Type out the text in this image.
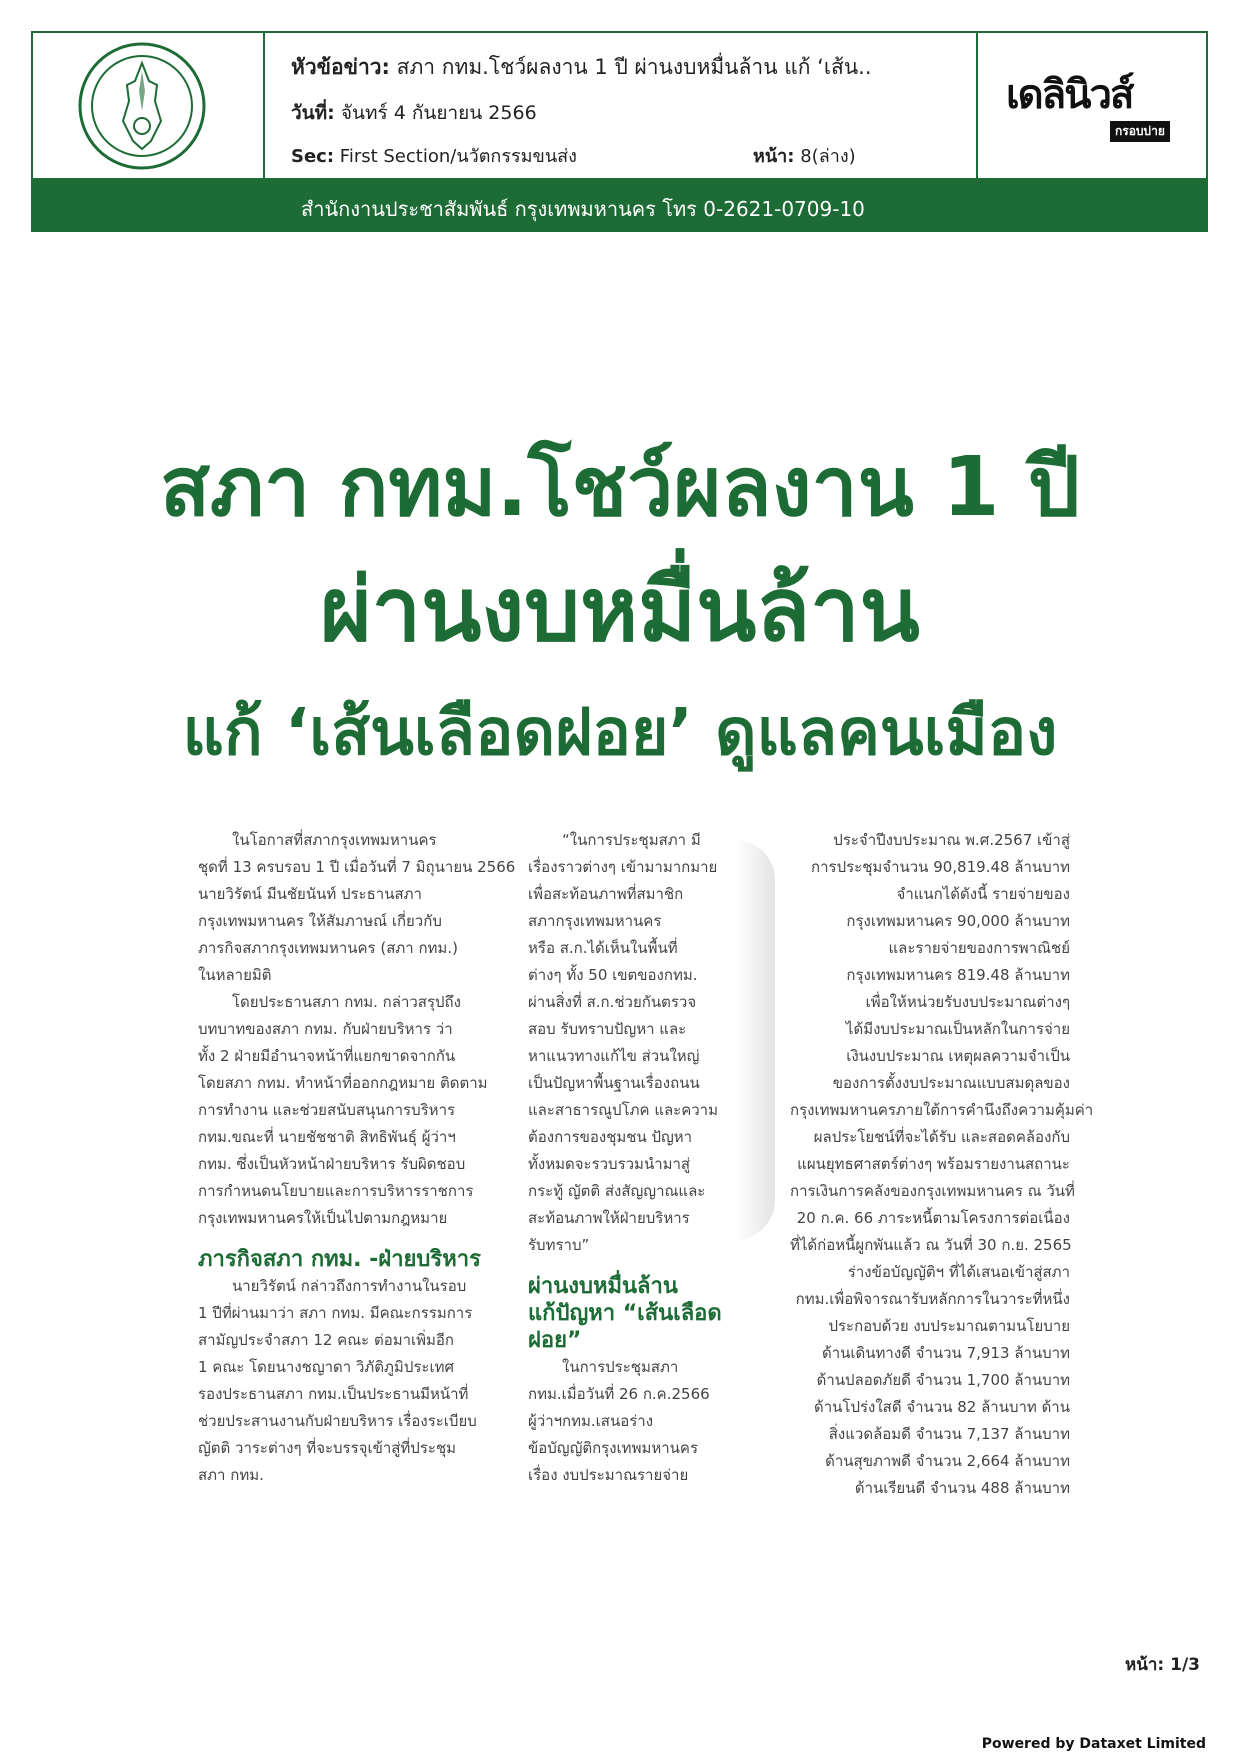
หัวข้อข่าว: สภา กทม.โชว์ผลงาน 1 ปี ผ่านงบหมื่นล้าน แก้ ‘เส้น..
วันที่: จันทร์ 4 กันยายน 2566
Sec: First Section/นวัตกรรมขนส่ง	หน้า: 8(ล่าง)
เดลินิวส์
กรอบบ่าย
สำนักงานประชาสัมพันธ์ กรุงเทพมหานคร โทร 0-2621-0709-10
สภา กทม.โชว์ผลงาน 1 ปี
ผ่านงบหมื่นล้าน
แก้ ‘เส้นเลือดฝอย’ ดูแลคนเมือง

ในโอกาสที่สภากรุงเทพมหานคร

ชุดที่ 13 ครบรอบ 1 ปี เมื่อวันที่ 7 มิถุนายน 2566

นายวิรัตน์ มีนชัยนันท์ ประธานสภา

กรุงเทพมหานคร ให้สัมภาษณ์ เกี่ยวกับ

ภารกิจสภากรุงเทพมหานคร (สภา กทม.)

ในหลายมิติ

โดยประธานสภา กทม. กล่าวสรุปถึง

บทบาทของสภา กทม. กับฝ่ายบริหาร ว่า

ทั้ง 2 ฝ่ายมีอำนาจหน้าที่แยกขาดจากกัน

โดยสภา กทม. ทำหน้าที่ออกกฎหมาย ติดตาม

การทำงาน และช่วยสนับสนุนการบริหาร

กทม.ขณะที่ นายชัชชาติ สิทธิพันธุ์ ผู้ว่าฯ

กทม. ซึ่งเป็นหัวหน้าฝ่ายบริหาร รับผิดชอบ

การกำหนดนโยบายและการบริหารราชการ

กรุงเทพมหานครให้เป็นไปตามกฎหมาย

ภารกิจสภา กทม. -ฝ่ายบริหาร

นายวิรัตน์ กล่าวถึงการทำงานในรอบ

1 ปีที่ผ่านมาว่า สภา กทม. มีคณะกรรมการ

สามัญประจำสภา 12 คณะ ต่อมาเพิ่มอีก

1 คณะ โดยนางชญาดา วิภัติภูมิประเทศ

รองประธานสภา กทม.เป็นประธานมีหน้าที่

ช่วยประสานงานกับฝ่ายบริหาร เรื่องระเบียบ

ญัตติ วาระต่างๆ ที่จะบรรจุเข้าสู่ที่ประชุม

สภา กทม.

“ในการประชุมสภา มี

เรื่องราวต่างๆ เข้ามามากมาย

เพื่อสะท้อนภาพที่สมาชิก

สภากรุงเทพมหานคร

หรือ ส.ก.ได้เห็นในพื้นที่

ต่างๆ ทั้ง 50 เขตของกทม.

ผ่านสิ่งที่ ส.ก.ช่วยกันตรวจ

สอบ รับทราบปัญหา และ

หาแนวทางแก้ไข ส่วนใหญ่

เป็นปัญหาพื้นฐานเรื่องถนน

และสาธารณูปโภค และความ

ต้องการของชุมชน ปัญหา

ทั้งหมดจะรวบรวมนำมาสู่

กระทู้ ญัตติ ส่งสัญญาณและ

สะท้อนภาพให้ฝ่ายบริหาร

รับทราบ”

ผ่านงบหมื่นล้าน

แก้ปัญหา “เส้นเลือด

ฝอย”

ในการประชุมสภา

กทม.เมื่อวันที่ 26 ก.ค.2566

ผู้ว่าฯกทม.เสนอร่าง

ข้อบัญญัติกรุงเทพมหานคร

เรื่อง งบประมาณรายจ่าย

ประจำปีงบประมาณ พ.ศ.2567 เข้าสู่

การประชุมจำนวน 90,819.48 ล้านบาท

จำแนกได้ดังนี้ รายจ่ายของ

กรุงเทพมหานคร 90,000 ล้านบาท

และรายจ่ายของการพาณิชย์

กรุงเทพมหานคร 819.48 ล้านบาท

เพื่อให้หน่วยรับงบประมาณต่างๆ

ได้มีงบประมาณเป็นหลักในการจ่าย

เงินงบประมาณ เหตุผลความจำเป็น

ของการตั้งงบประมาณแบบสมดุลของ

กรุงเทพมหานครภายใต้การคำนึงถึงความคุ้มค่า

ผลประโยชน์ที่จะได้รับ และสอดคล้องกับ

แผนยุทธศาสตร์ต่างๆ พร้อมรายงานสถานะ

การเงินการคลังของกรุงเทพมหานคร ณ วันที่

20 ก.ค. 66 ภาระหนี้ตามโครงการต่อเนื่อง

ที่ได้ก่อหนี้ผูกพันแล้ว ณ วันที่ 30 ก.ย. 2565

ร่างข้อบัญญัติฯ ที่ได้เสนอเข้าสู่สภา

กทม.เพื่อพิจารณารับหลักการในวาระที่หนึ่ง

ประกอบด้วย งบประมาณตามนโยบาย

ด้านเดินทางดี จำนวน 7,913 ล้านบาท

ด้านปลอดภัยดี จำนวน 1,700 ล้านบาท

ด้านโปร่งใสดี จำนวน 82 ล้านบาท ด้าน

สิ่งแวดล้อมดี จำนวน 7,137 ล้านบาท

ด้านสุขภาพดี จำนวน 2,664 ล้านบาท

ด้านเรียนดี จำนวน 488 ล้านบาท

หน้า: 1/3
Powered by Dataxet Limited
